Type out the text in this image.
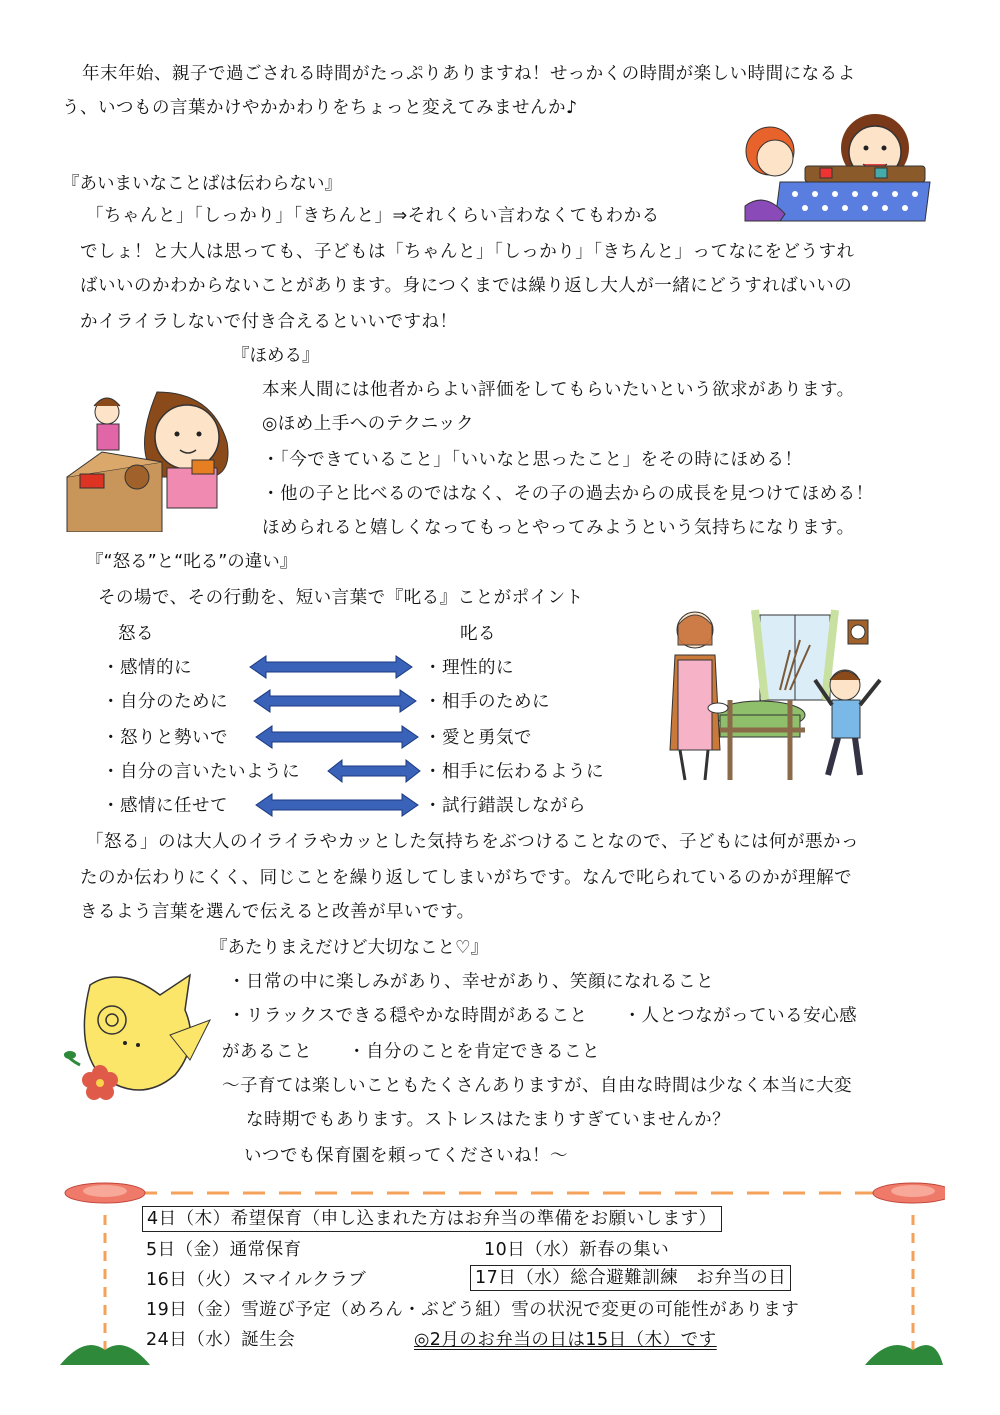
年末年始、親子で過ごされる時間がたっぷりありますね！せっかくの時間が楽しい時間になるよ
う、いつもの言葉かけやかかわりをちょっと変えてみませんか♪
『あいまいなことばは伝わらない』
「ちゃんと」「しっかり」「きちんと」⇒それくらい言わなくてもわかる
でしょ！と大人は思っても、子どもは「ちゃんと」「しっかり」「きちんと」ってなにをどうすれ
ばいいのかわからないことがあります。身につくまでは繰り返し大人が一緒にどうすればいいの
かイライラしないで付き合えるといいですね！
『ほめる』
本来人間には他者からよい評価をしてもらいたいという欲求があります。
◎ほめ上手へのテクニック
・「今できていること」「いいなと思ったこと」をその時にほめる！
・他の子と比べるのではなく、その子の過去からの成長を見つけてほめる！
ほめられると嬉しくなってもっとやってみようという気持ちになります。
『“怒る”と“叱る”の違い』
その場で、その行動を、短い言葉で『叱る』ことがポイント
怒る	叱る
・感情的に	・理性的に
・自分のために	・相手のために
・怒りと勢いで	・愛と勇気で
・自分の言いたいように	・相手に伝わるように
・感情に任せて	・試行錯誤しながら
「怒る」のは大人のイライラやカッとした気持ちをぶつけることなので、子どもには何が悪かっ
たのか伝わりにくく、同じことを繰り返してしまいがちです。なんで叱られているのかが理解で
きるよう言葉を選んで伝えると改善が早いです。
『あたりまえだけど大切なこと♡』
・日常の中に楽しみがあり、幸せがあり、笑顔になれること
・リラックスできる穏やかな時間があること　　・人とつながっている安心感
があること　　・自分のことを肯定できること
～子育ては楽しいこともたくさんありますが、自由な時間は少なく本当に大変
な時期でもあります。ストレスはたまりすぎていませんか？
いつでも保育園を頼ってくださいね！～
4日（木）希望保育（申し込まれた方はお弁当の準備をお願いします）
5日（金）通常保育	10日（水）新春の集い
16日（火）スマイルクラブ	17日（水）総合避難訓練　お弁当の日
19日（金）雪遊び予定（めろん・ぶどう組）雪の状況で変更の可能性があります
24日（水）誕生会	◎2月のお弁当の日は15日（木）です
